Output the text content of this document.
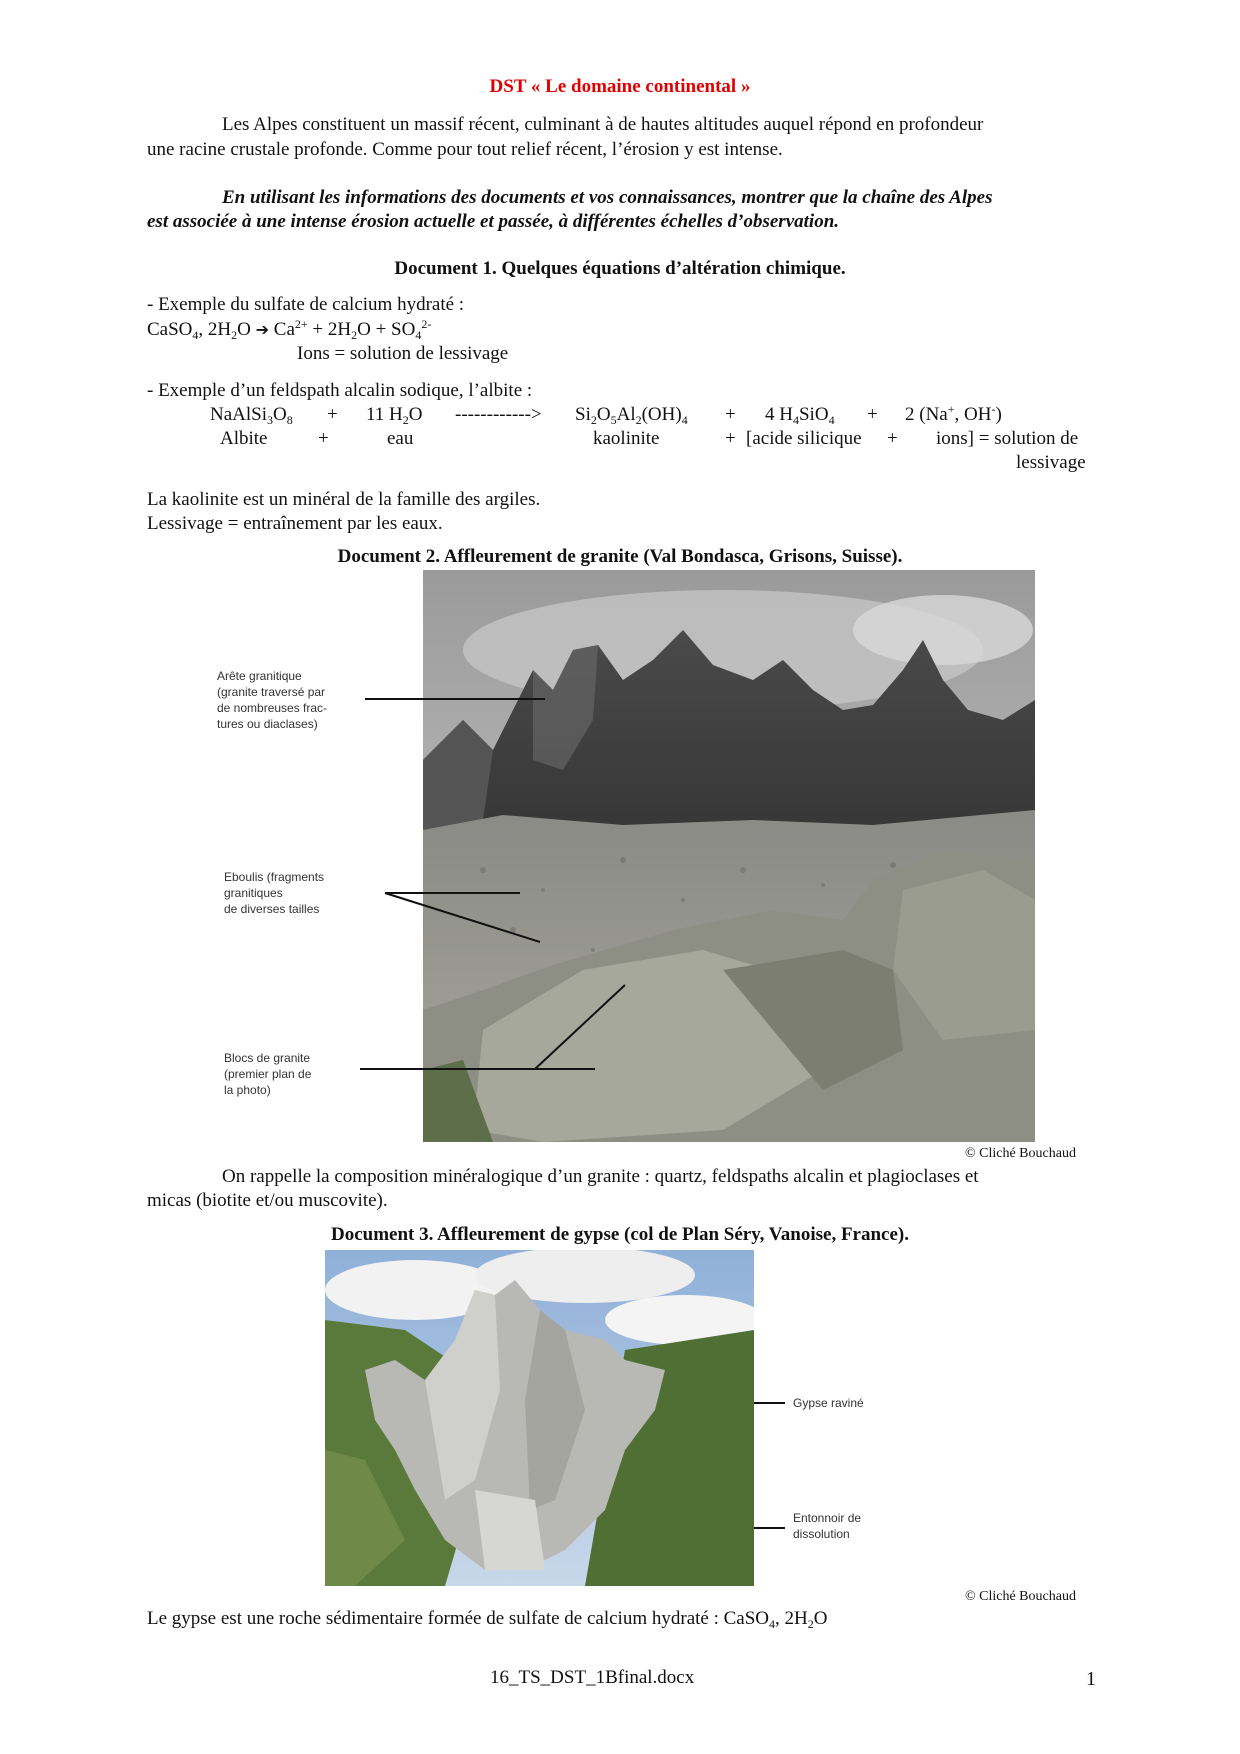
DST « Le domaine continental »
Les Alpes constituent un massif récent, culminant à de hautes altitudes auquel répond en profondeur
une racine crustale profonde. Comme pour tout relief récent, l’érosion y est intense.
En utilisant les informations des documents et vos connaissances, montrer que la chaîne des Alpes
est associée à une intense érosion actuelle et passée, à différentes échelles d’observation.
Document 1. Quelques équations d’altération chimique.
- Exemple du sulfate de calcium hydraté :
CaSO$_4$, $2H_2O$ ➔ $Ca^{2+} + 2H_2O + SO_4^{2-}$
Ions = solution de lessivage
- Exemple d’un feldspath alcalin sodique, l’albite :
$NaAlSi_3O_8 + 11$ $H_2O$ ------------> $Si_2O_5Al_2(OH)_4 + 4$ $H_4SiO_4 + 2$ (Na+, OH-)
Albite	+	eau	kaolinite	+ [acide silicique + ions] = solution de
lessivage
La kaolinite est un minéral de la famille des argiles.
Lessivage = entraînement par les eaux.
Document 2. Affleurement de granite (Val Bondasca, Grisons, Suisse).
Arête granitique
(granite traversé par
de nombreuses frac-
tures ou diaclases)
Eboulis (fragments
granitiques
de diverses tailles
Blocs de granite
(premier plan de
la photo)
© Cliché Bouchaud
On rappelle la composition minéralogique d’un granite : quartz, feldspaths alcalin et plagioclases et
micas (biotite et/ou muscovite).
Document 3. Affleurement de gypse (col de Plan Séry, Vanoise, France).
Gypse raviné
Entonnoir de
dissolution
© Cliché Bouchaud
Le gypse est une roche sédimentaire formée de sulfate de calcium hydraté : CaSO$_4$, $2H_2O$
16_TS_DST_1Bfinal.docx	1
